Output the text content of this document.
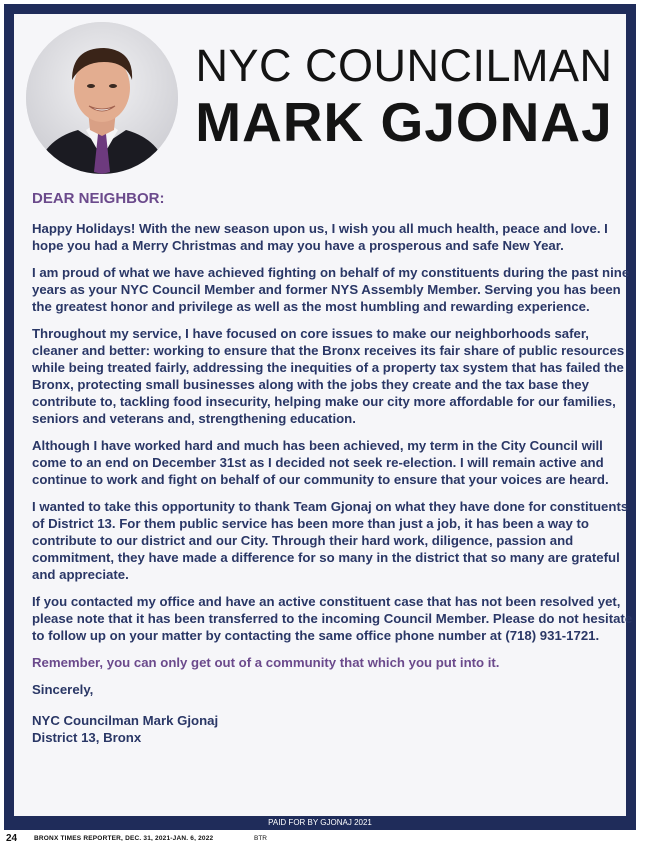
NYC COUNCILMAN
MARK GJONAJ

DEAR NEIGHBOR:

Happy Holidays! With the new season upon us, I wish you all much health, peace and love. I hope you had a Merry Christmas and may you have a prosperous and safe New Year.

I am proud of what we have achieved fighting on behalf of my constituents during the past nine years as your NYC Council Member and former NYS Assembly Member. Serving you has been the greatest honor and privilege as well as the most humbling and rewarding experience.

Throughout my service, I have focused on core issues to make our neighborhoods safer, cleaner and better: working to ensure that the Bronx receives its fair share of public resources while being treated fairly, addressing the inequities of a property tax system that has failed the Bronx, protecting small businesses along with the jobs they create and the tax base they contribute to, tackling food insecurity, helping make our city more affordable for our families, seniors and veterans and, strengthening education.

Although I have worked hard and much has been achieved, my term in the City Council will come to an end on December 31st as I decided not seek re-election. I will remain active and continue to work and fight on behalf of our community to ensure that your voices are heard.

I wanted to take this opportunity to thank Team Gjonaj on what they have done for constituents of District 13. For them public service has been more than just a job, it has been a way to contribute to our district and our City. Through their hard work, diligence, passion and commitment, they have made a difference for so many in the district that so many are grateful and appreciate.

If you contacted my office and have an active constituent case that has not been resolved yet, please note that it has been transferred to the incoming Council Member. Please do not hesitate to follow up on your matter by contacting the same office phone number at (718) 931-1721.

Remember, you can only get out of a community that which you put into it.

Sincerely,

NYC Councilman Mark Gjonaj
District 13, Bronx
PAID FOR BY GJONAJ 2021
24	BRONX TIMES REPORTER, DEC. 31, 2021-JAN. 6, 2022	BTR
